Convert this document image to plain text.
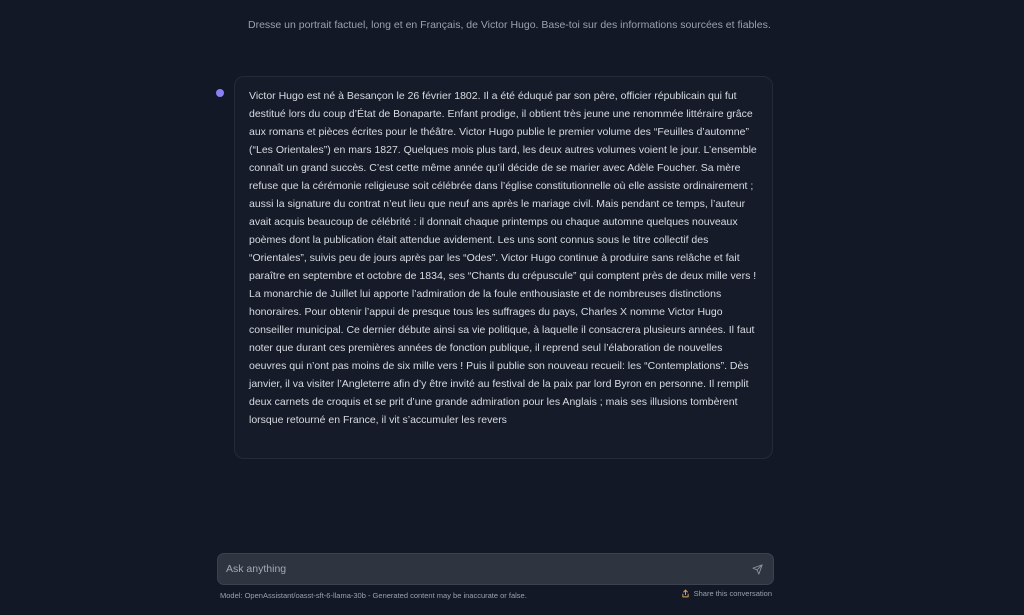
Dresse un portrait factuel, long et en Français, de Victor Hugo. Base-toi sur des informations sourcées et fiables.

Victor Hugo est né à Besançon le 26 février 1802. Il a été éduqué par son père, officier républicain qui fut destitué lors du coup d’État de Bonaparte. Enfant prodige, il obtient très jeune une renommée littéraire grâce aux romans et pièces écrites pour le théâtre. Victor Hugo publie le premier volume des “Feuilles d’automne” (“Les Orientales”) en mars 1827. Quelques mois plus tard, les deux autres volumes voient le jour. L’ensemble connaît un grand succès. C’est cette même année qu’il décide de se marier avec Adèle Foucher. Sa mère refuse que la cérémonie religieuse soit célébrée dans l’église constitutionnelle où elle assiste ordinairement ; aussi la signature du contrat n’eut lieu que neuf ans après le mariage civil. Mais pendant ce temps, l’auteur avait acquis beaucoup de célébrité : il donnait chaque printemps ou chaque automne quelques nouveaux poèmes dont la publication était attendue avidement. Les uns sont connus sous le titre collectif des “Orientales”, suivis peu de jours après par les “Odes”. Victor Hugo continue à produire sans relâche et fait paraître en septembre et octobre de 1834, ses “Chants du crépuscule” qui comptent près de deux mille vers ! La monarchie de Juillet lui apporte l’admiration de la foule enthousiaste et de nombreuses distinctions honoraires. Pour obtenir l’appui de presque tous les suffrages du pays, Charles X nomme Victor Hugo conseiller municipal. Ce dernier débute ainsi sa vie politique, à laquelle il consacrera plusieurs années. Il faut noter que durant ces premières années de fonction publique, il reprend seul l’élaboration de nouvelles oeuvres qui n’ont pas moins de six mille vers ! Puis il publie son nouveau recueil: les “Contemplations”. Dès janvier, il va visiter l’Angleterre afin d’y être invité au festival de la paix par lord Byron en personne. Il remplit deux carnets de croquis et se prit d’une grande admiration pour les Anglais ; mais ses illusions tombèrent lorsque retourné en France, il vit s’accumuler les revers

Ask anything
Model: OpenAssistant/oasst-sft-6-llama-30b - Generated content may be inaccurate or false.	Share this conversation
